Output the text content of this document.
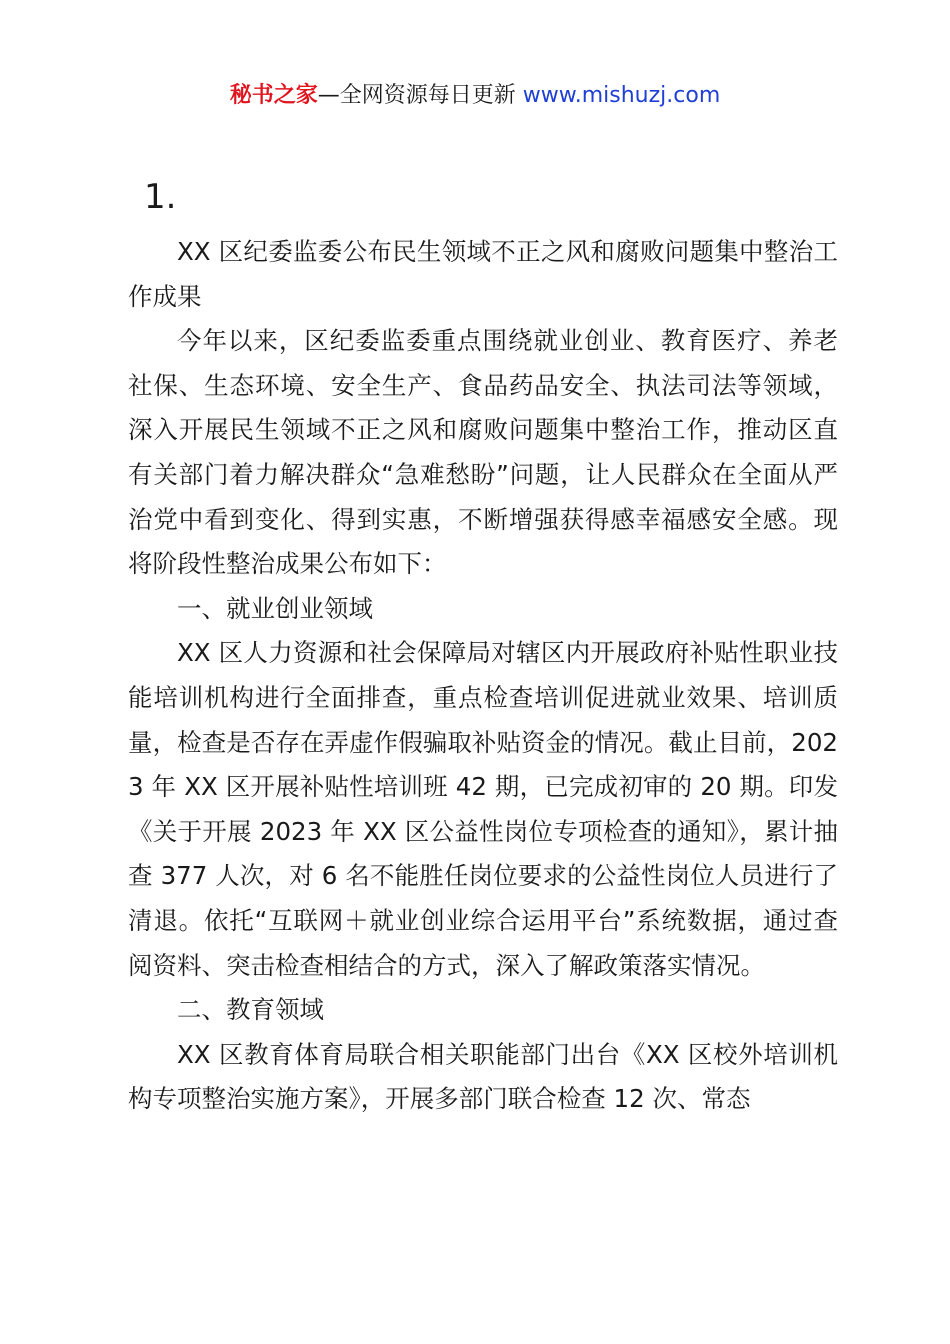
秘书之家—全网资源每日更新 www.mishuzj.com
1.

XX 区纪委监委公布民生领域不正之风和腐败问题集中整治工作成果

今年以来，区纪委监委重点围绕就业创业、教育医疗、养老社保、生态环境、安全生产、食品药品安全、执法司法等领域，深入开展民生领域不正之风和腐败问题集中整治工作，推动区直有关部门着力解决群众“急难愁盼”问题，让人民群众在全面从严治党中看到变化、得到实惠，不断增强获得感幸福感安全感。现将阶段性整治成果公布如下：

一、就业创业领域

XX 区人力资源和社会保障局对辖区内开展政府补贴性职业技能培训机构进行全面排查，重点检查培训促进就业效果、培训质量，检查是否存在弄虚作假骗取补贴资金的情况。截止目前，2023 年 XX 区开展补贴性培训班 42 期，已完成初审的 20 期。印发《关于开展 2023 年 XX 区公益性岗位专项检查的通知》，累计抽查 377 人次，对 6 名不能胜任岗位要求的公益性岗位人员进行了清退。依托“互联网＋就业创业综合运用平台”系统数据，通过查阅资料、突击检查相结合的方式，深入了解政策落实情况。

二、教育领域

XX 区教育体育局联合相关职能部门出台《XX 区校外培训机构专项整治实施方案》，开展多部门联合检查 12 次、常态
